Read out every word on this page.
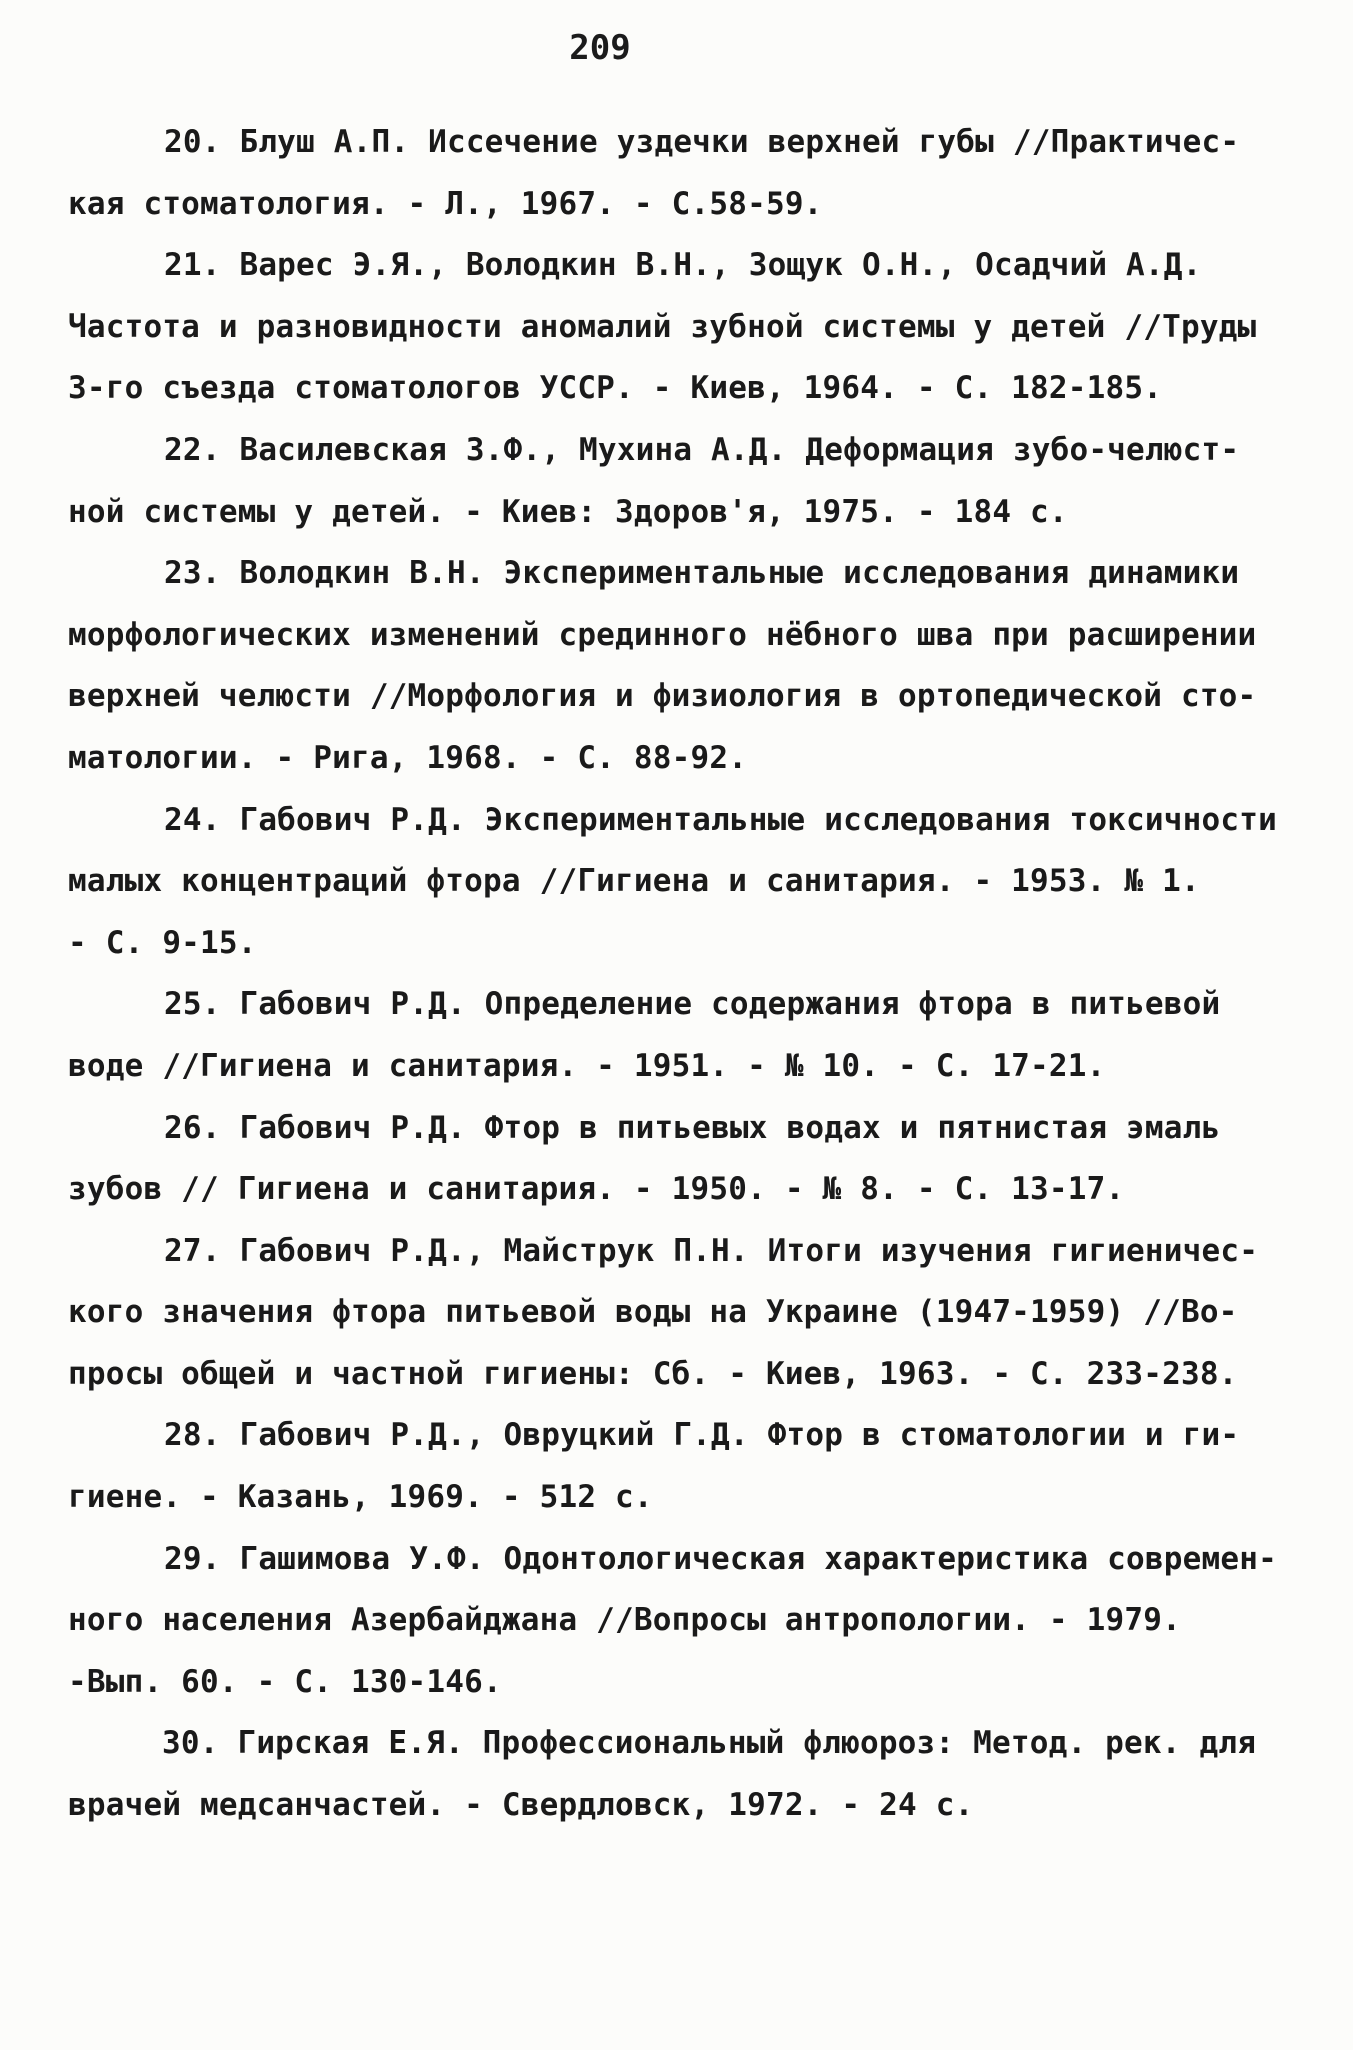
209
20. Блуш А.П. Иссечение уздечки верхней губы //Практичес-
кая стоматология. - Л., 1967. - С.58-59.
21. Варес Э.Я., Володкин В.Н., Зощук О.Н., Осадчий А.Д.
Частота и разновидности аномалий зубной системы у детей //Труды
3-го съезда стоматологов УССР. - Киев, 1964. - С. 182-185.
22. Василевская З.Ф., Мухина А.Д. Деформация зубо-челюст-
ной системы у детей. - Киев: Здоров'я, 1975. - 184 с.
23. Володкин В.Н. Экспериментальные исследования динамики
морфологических изменений срединного нёбного шва при расширении
верхней челюсти //Морфология и физиология в ортопедической сто-
матологии. - Рига, 1968. - С. 88-92.
24. Габович Р.Д. Экспериментальные исследования токсичности
малых концентраций фтора //Гигиена и санитария. - 1953. № 1.
- С. 9-15.
25. Габович Р.Д. Определение содержания фтора в питьевой
воде //Гигиена и санитария. - 1951. - № 10. - С. 17-21.
26. Габович Р.Д. Фтор в питьевых водах и пятнистая эмаль
зубов // Гигиена и санитария. - 1950. - № 8. - С. 13-17.
27. Габович Р.Д., Майструк П.Н. Итоги изучения гигиеничес-
кого значения фтора питьевой воды на Украине (1947-1959) //Во-
просы общей и частной гигиены: Сб. - Киев, 1963. - С. 233-238.
28. Габович Р.Д., Овруцкий Г.Д. Фтор в стоматологии и ги-
гиене. - Казань, 1969. - 512 с.
29. Гашимова У.Ф. Одонтологическая характеристика современ-
ного населения Азербайджана //Вопросы антропологии. - 1979.
-Вып. 60. - С. 130-146.
30. Гирская Е.Я. Профессиональный флюороз: Метод. рек. для
врачей медсанчастей. - Свердловск, 1972. - 24 с.
